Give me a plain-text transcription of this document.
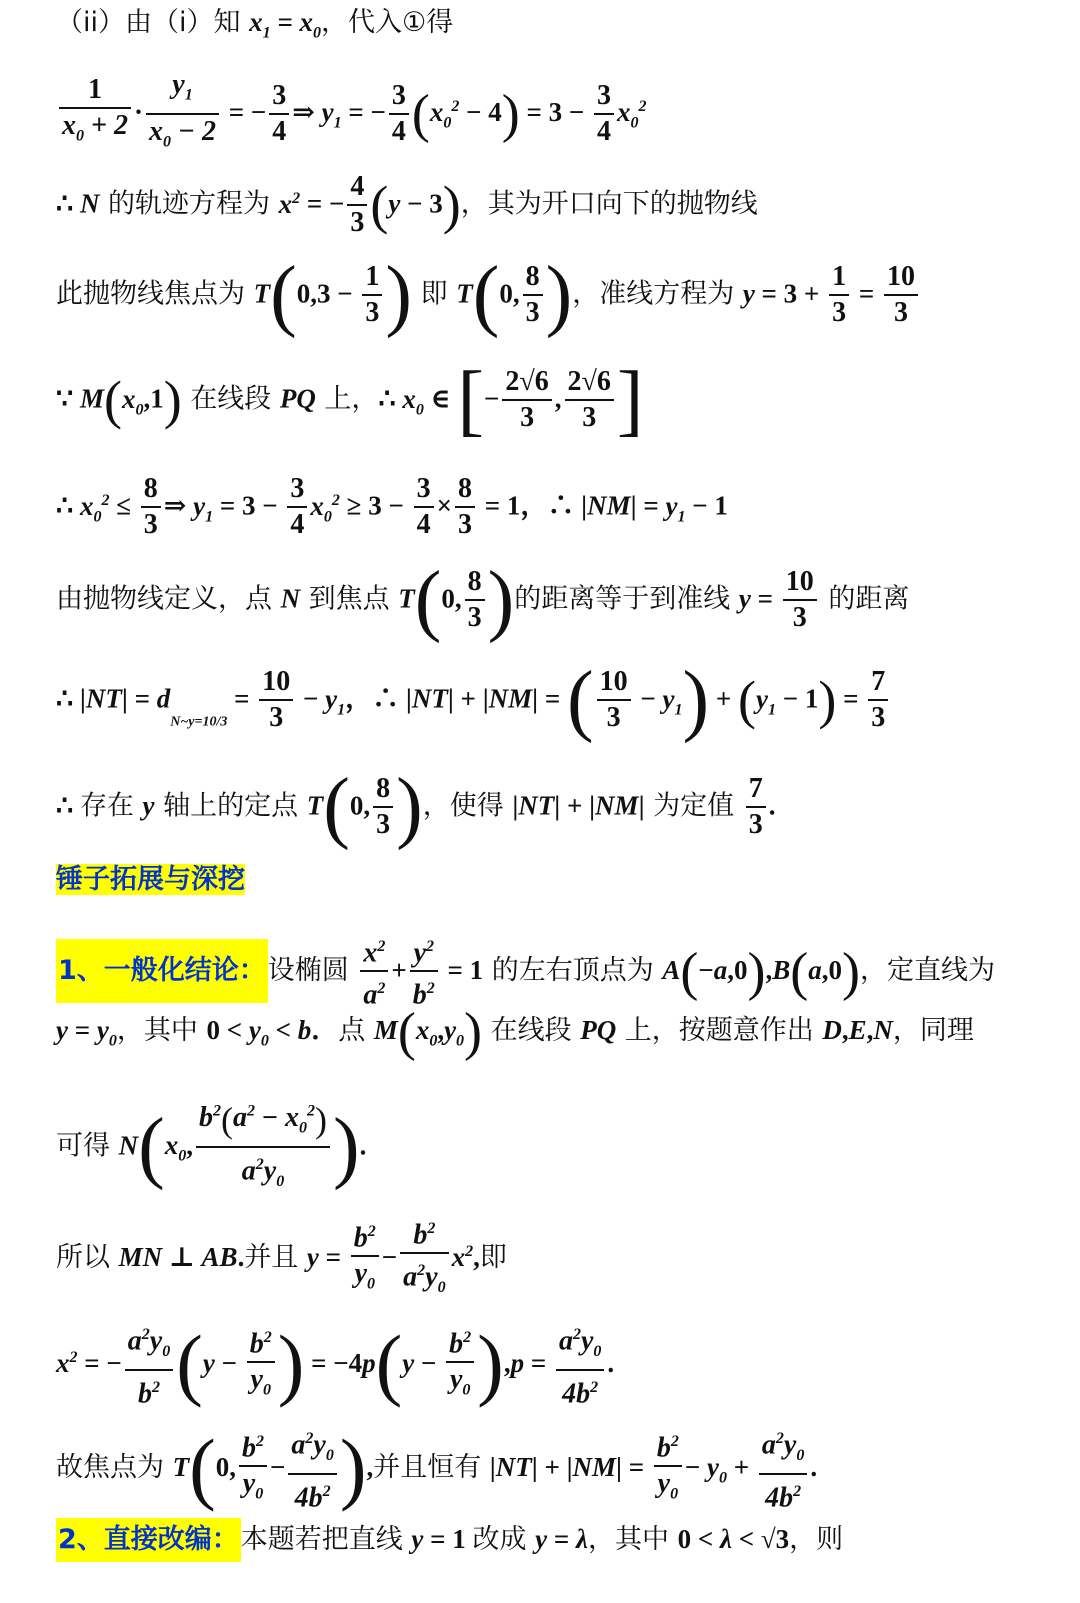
（ii）由（i）知 $x_1 = x_0$，代入①得
$\frac{1}{x_0 + 2} \cdot \frac{y_1}{x_0 - 2}$ = − $\frac{3}{4}$ ⇒ $y_1$ = − $\frac{3}{4} (x_0^2 - 4) = 3 - \frac{3}{4} x_0^2$
∴ N 的轨迹方程为 $x^2$ = − $\frac{4}{3} (y - 3)$，其为开口向下的抛物线
此抛物线焦点为 $T(0,3 - \frac{1}{3}$ ) 即 T(0, $\frac{8}{3}$ )，准线方程为 $y = 3 + \frac{1}{3} = \frac{10}{3}$
∵ $M(x_0,1)$ 在线段 PQ 上，∴ $x_0$ ∈ [− $\frac{2√6}{3}$ , $\frac{2√6}{3}$ ]
∴ $x_0^2 \le \frac{8}{3}$ ⇒ $y_1 = 3 - \frac{3}{4} x_0^2 \ge 3 - \frac{3}{4} \times \frac{8}{3} = 1$，∴ $|NM| = y_1 - 1$
由抛物线定义，点 N 到焦点 T(0, $\frac{8}{3}$ )的距离等于到准线 $y = \frac{10}{3}$ 的距离
∴ $|NT| = d_{N\sim y=10/3} = \frac{10}{3} - y_1$，∴ |NT| + |NM| = ( $\frac{10}{3} - y_1) + (y_1 - 1) = \frac{7}{3}$
∴ 存在 y 轴上的定点 T(0, $\frac{8}{3}$ )，使得 |NT| + |NM| 为定值 $\frac{7}{3}$ .
锤子拓展与深挖
1、一般化结论：设椭圆 $\frac{x^2}{a^2} + \frac{y^2}{b^2} = 1$ 的左右顶点为 A(−a,0),B(a,0)，定直线为
$y = y_0$，其中 $0 < y_0 < b$．点 $M(x_0,y_0)$ 在线段 PQ 上，按题意作出 D,E,N，同理
可得 $N(x_0$, $\frac{b^2(a^2 - x_0^2)}{a^2y_0}$ ).
所以 MN ⊥ AB.并且 $y = \frac{b^2}{y_0} - \frac{b^2}{a^2y_0} x^2$,即
$x^2$ = − $\frac{a^2y_0}{b^2} (y - \frac{b^2}{y_0}$ ) = $-4p(y - \frac{b^2}{y_0} ),p = \frac{a^2y_0}{4b^2}$ .
故焦点为 T(0, $\frac{b^2}{y_0} - \frac{a^2y_0}{4b^2}$ ),并且恒有 $|NT| + |NM| = \frac{b^2}{y_0} - y_0 + \frac{a^2y_0}{4b^2}$ .
2、直接改编：本题若把直线 y = 1 改成 y = λ，其中 0 < λ < √3，则
